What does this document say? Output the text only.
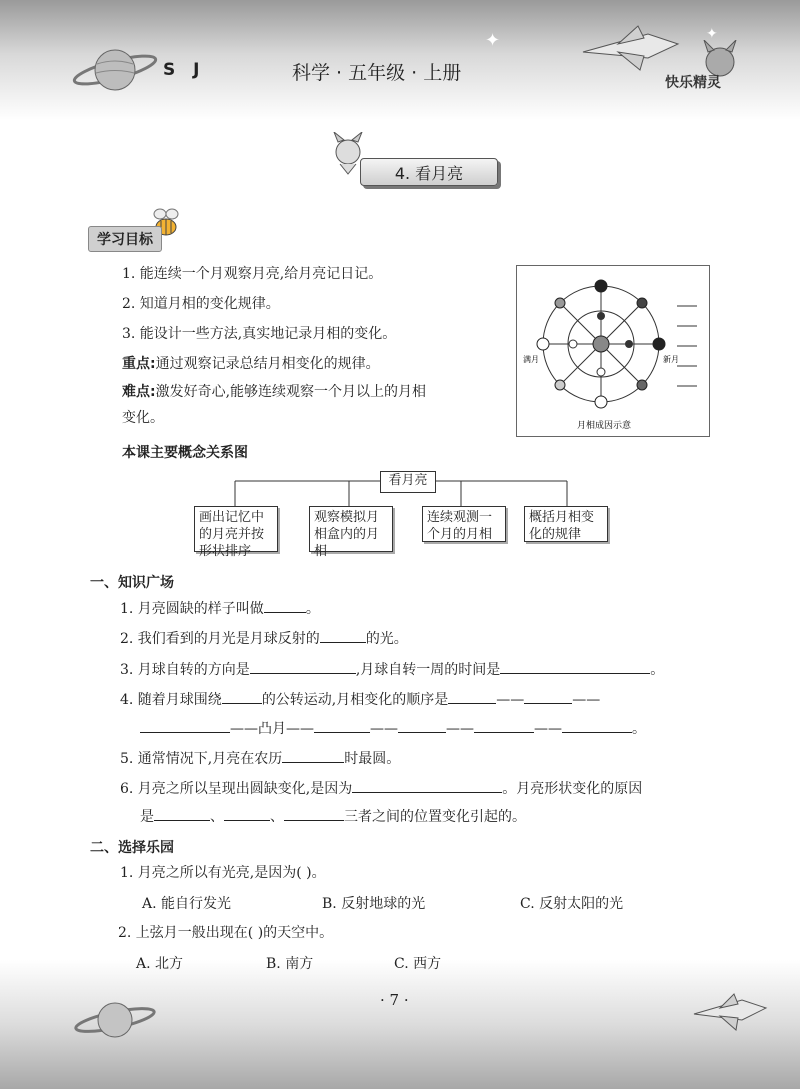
✦	✦
S J	科学 · 五年级 · 上册	快乐精灵
4. 看月亮
学习目标
1. 能连续一个月观察月亮,给月亮记日记。
2. 知道月相的变化规律。
3. 能设计一些方法,真实地记录月相的变化。
重点:通过观察记录总结月相变化的规律。
难点:激发好奇心,能够连续观察一个月以上的月相
变化。
满月	新月
月相成因示意
本课主要概念关系图
看月亮
画出记忆中
的月亮并按
形状排序
观察模拟月
相盒内的月
相
连续观测一
个月的月相
概括月相变
化的规律
一、知识广场
1. 月亮圆缺的样子叫做	。
2. 我们看到的月光是月球反射的	的光。
3. 月球自转的方向是	,月球自转一周的时间是	。
4. 随着月球围绕	的公转运动,月相变化的顺序是	——	——
——凸月——	——	——	——	。
5. 通常情况下,月亮在农历	时最圆。
6. 月亮之所以呈现出圆缺变化,是因为	。月亮形状变化的原因
是	、	、	三者之间的位置变化引起的。
二、选择乐园
1. 月亮之所以有光亮,是因为( )。
A. 能自行发光	B. 反射地球的光	C. 反射太阳的光
2. 上弦月一般出现在( )的天空中。
A. 北方	B. 南方	C. 西方
· 7 ·
